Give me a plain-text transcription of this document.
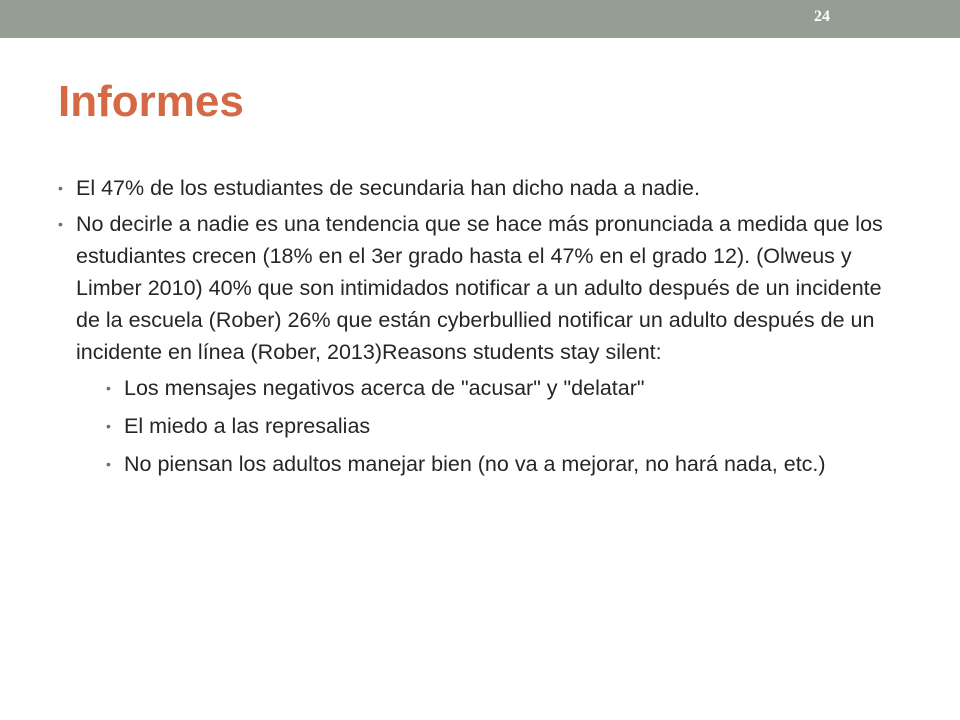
24
Informes
• El 47% de los estudiantes de secundaria han dicho nada a nadie.
• No decirle a nadie es una tendencia que se hace más pronunciada a medida que los estudiantes crecen (18% en el 3er grado hasta el 47% en el grado 12). (Olweus y Limber 2010) 40% que son intimidados notificar a un adulto después de un incidente de la escuela (Rober) 26% que están cyberbullied notificar un adulto después de un incidente en línea (Rober, 2013)Reasons students stay silent:
• Los mensajes negativos acerca de "acusar" y "delatar"
• El miedo a las represalias
• No piensan los adultos manejar bien (no va a mejorar, no hará nada, etc.)
